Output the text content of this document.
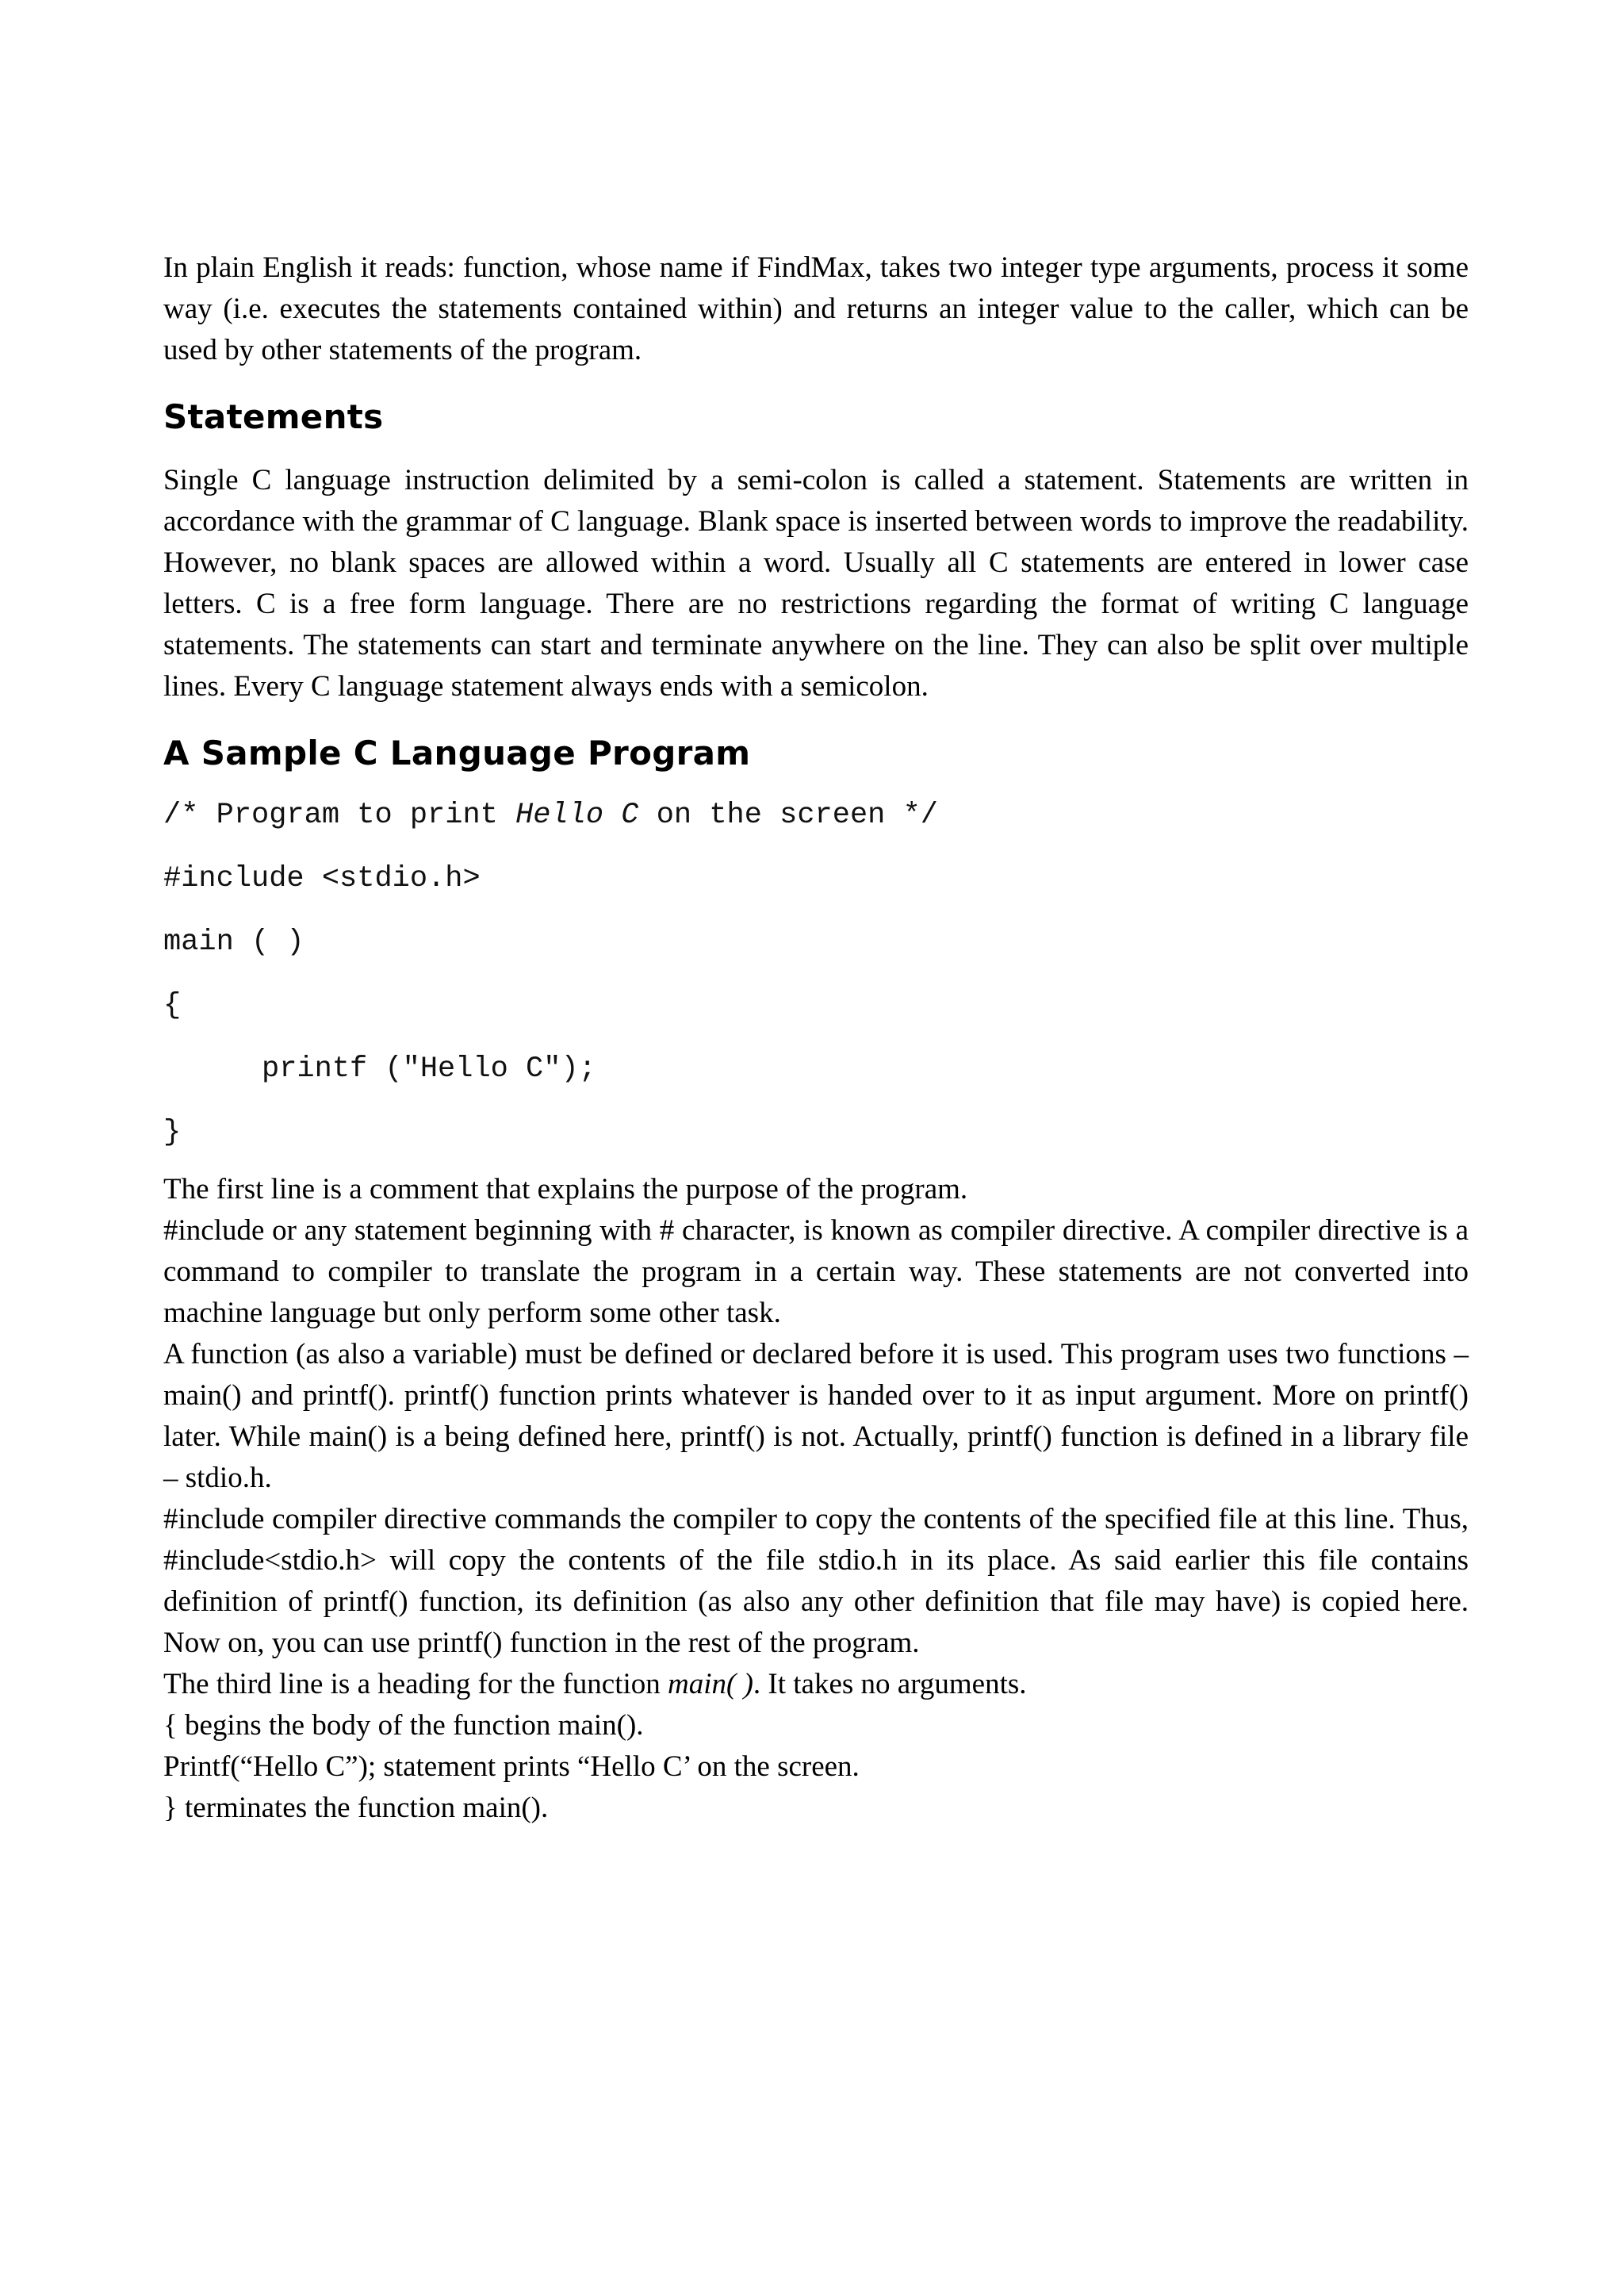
In plain English it reads: function, whose name if FindMax, takes two integer type arguments, process it some way (i.e. executes the statements contained within) and returns an integer value to the caller, which can be used by other statements of the program.

Statements

Single C language instruction delimited by a semi-colon is called a statement. Statements are written in accordance with the grammar of C language. Blank space is inserted between words to improve the readability. However, no blank spaces are allowed within a word. Usually all C statements are entered in lower case letters. C is a free form language. There are no restrictions regarding the format of writing C language statements. The statements can start and terminate anywhere on the line. They can also be split over multiple lines. Every C language statement always ends with a semicolon.

A Sample C Language Program
/* Program to print Hello C on the screen */
#include <stdio.h>
main ( )
{
printf ("Hello C");
}

The first line is a comment that explains the purpose of the program.

#include or any statement beginning with # character, is known as compiler directive. A compiler directive is a command to compiler to translate the program in a certain way. These statements are not converted into machine language but only perform some other task.

A function (as also a variable) must be defined or declared before it is used. This program uses two functions – main() and printf(). printf() function prints whatever is handed over to it as input argument. More on printf() later. While main() is a being defined here, printf() is not. Actually, printf() function is defined in a library file – stdio.h.

#include compiler directive commands the compiler to copy the contents of the specified file at this line. Thus, #include<stdio.h> will copy the contents of the file stdio.h in its place. As said earlier this file contains definition of printf() function, its definition (as also any other definition that file may have) is copied here. Now on, you can use printf() function in the rest of the program.

The third line is a heading for the function main( ). It takes no arguments.

{ begins the body of the function main().

Printf(“Hello C”); statement prints “Hello C’ on the screen.

} terminates the function main().
